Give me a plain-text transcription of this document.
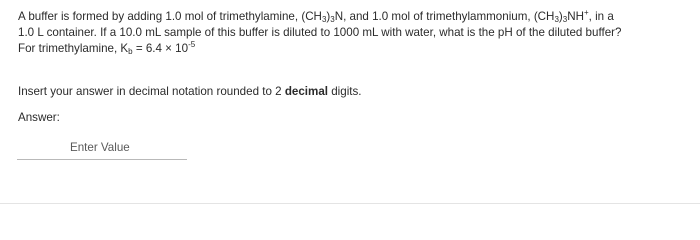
A buffer is formed by adding 1.0 mol of trimethylamine, $(CH_3)_3N$, and 1.0 mol of trimethylammonium, $(CH_3)_3NH^+$, in a
1.0 L container. If a 10.0 mL sample of this buffer is diluted to 1000 mL with water, what is the pH of the diluted buffer?
For trimethylamine, $K_b = 6.4 \times 10^{-5}$
Insert your answer in decimal notation rounded to 2 decimal digits.
Answer:
Enter Value
